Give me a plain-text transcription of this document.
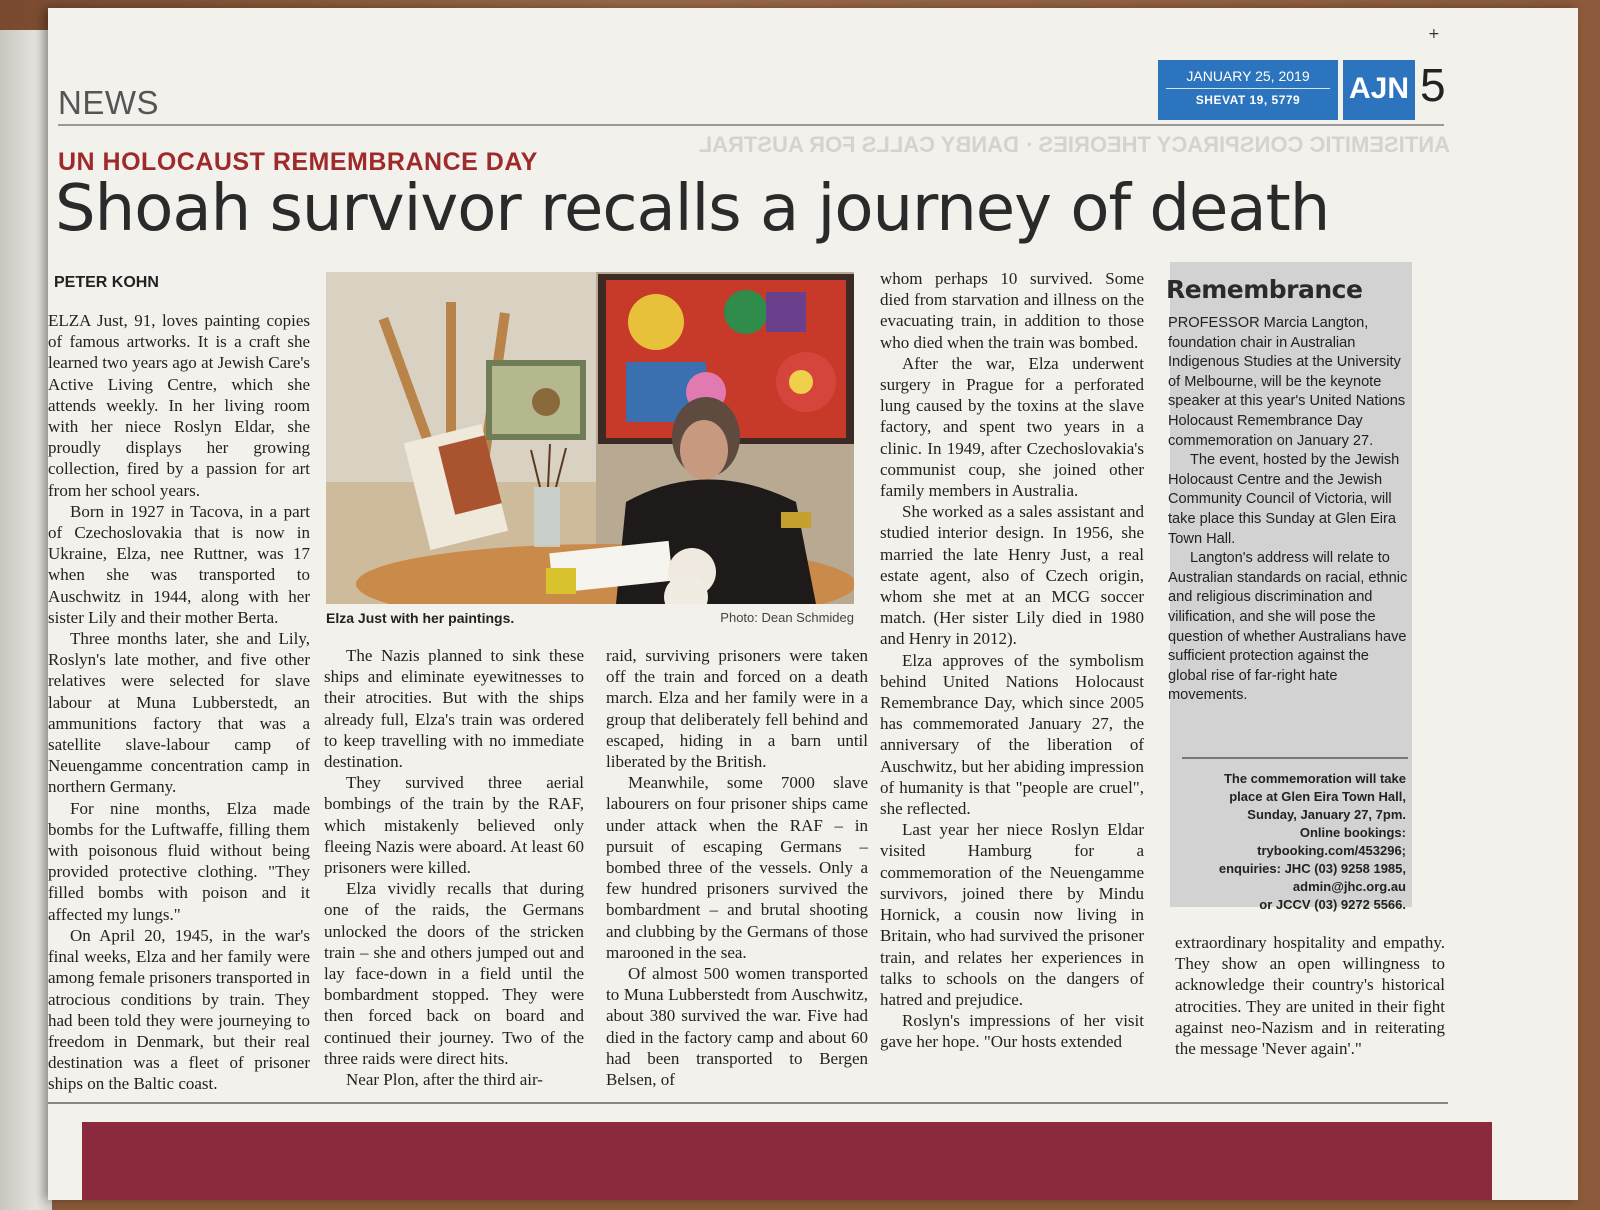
+
NEWS
JANUARY 25, 2019
SHEVAT 19, 5779	AJN 5
ANTISEMITIC CONSPIRACY THEORIES · DANBY CALLS FOR AUSTRAL
UN HOLOCAUST REMEMBRANCE DAY
Shoah survivor recalls a journey of death
PETER KOHN

ELZA Just, 91, loves painting copies of famous artworks. It is a craft she learned two years ago at Jewish Care's Active Living Centre, which she attends weekly. In her living room with her niece Roslyn Eldar, she proudly displays her growing collection, fired by a passion for art from her school years.

Born in 1927 in Tacova, in a part of Czechoslovakia that is now in Ukraine, Elza, nee Ruttner, was 17 when she was transported to Auschwitz in 1944, along with her sister Lily and their mother Berta.

Three months later, she and Lily, Roslyn's late mother, and five other relatives were selected for slave labour at Muna Lubberstedt, an ammunitions factory that was a satellite slave-labour camp of Neuengamme concentration camp in northern Germany.

For nine months, Elza made bombs for the Luftwaffe, filling them with poisonous fluid without being provided protective clothing. "They filled bombs with poison and it affected my lungs."

On April 20, 1945, in the war's final weeks, Elza and her family were among female prisoners transported in atrocious conditions by train. They had been told they were journeying to freedom in Denmark, but their real destination was a fleet of prisoner ships on the Baltic coast.

Elza Just with her paintings.	Photo: Dean Schmideg

The Nazis planned to sink these ships and eliminate eyewitnesses to their atrocities. But with the ships already full, Elza's train was ordered to keep travelling with no immediate destination.

They survived three aerial bombings of the train by the RAF, which mistakenly believed only fleeing Nazis were aboard. At least 60 prisoners were killed.

Elza vividly recalls that during one of the raids, the Germans unlocked the doors of the stricken train – she and others jumped out and lay face-down in a field until the bombardment stopped. They were then forced back on board and continued their journey. Two of the three raids were direct hits.

Near Plon, after the third air-

raid, surviving prisoners were taken off the train and forced on a death march. Elza and her family were in a group that deliberately fell behind and escaped, hiding in a barn until liberated by the British.

Meanwhile, some 7000 slave labourers on four prisoner ships came under attack when the RAF – in pursuit of escaping Germans – bombed three of the vessels. Only a few hundred prisoners survived the bombardment – and brutal shooting and clubbing by the Germans of those marooned in the sea.

Of almost 500 women transported to Muna Lubberstedt from Auschwitz, about 380 survived the war. Five had died in the factory camp and about 60 had been transported to Bergen Belsen, of

whom perhaps 10 survived. Some died from starvation and illness on the evacuating train, in addition to those who died when the train was bombed.

After the war, Elza underwent surgery in Prague for a perforated lung caused by the toxins at the slave factory, and spent two years in a clinic. In 1949, after Czechoslovakia's communist coup, she joined other family members in Australia.

She worked as a sales assistant and studied interior design. In 1956, she married the late Henry Just, a real estate agent, also of Czech origin, whom she met at an MCG soccer match. (Her sister Lily died in 1980 and Henry in 2012).

Elza approves of the symbolism behind United Nations Holocaust Remembrance Day, which since 2005 has commemorated January 27, the anniversary of the liberation of Auschwitz, but her abiding impression of humanity is that "people are cruel", she reflected.

Last year her niece Roslyn Eldar visited Hamburg for a commemoration of the Neuengamme survivors, joined there by Mindu Hornick, a cousin now living in Britain, who had survived the prisoner train, and relates her experiences in talks to schools on the dangers of hatred and prejudice.

Roslyn's impressions of her visit gave her hope. "Our hosts extended

Remembrance

PROFESSOR Marcia Langton, foundation chair in Australian Indigenous Studies at the University of Melbourne, will be the keynote speaker at this year's United Nations Holocaust Remembrance Day commemoration on January 27.

The event, hosted by the Jewish Holocaust Centre and the Jewish Community Council of Victoria, will take place this Sunday at Glen Eira Town Hall.

Langton's address will relate to Australian standards on racial, ethnic and religious discrimination and vilification, and she will pose the question of whether Australians have sufficient protection against the global rise of far-right hate movements.

The commemoration will take
place at Glen Eira Town Hall,
Sunday, January 27, 7pm.
Online bookings:
trybooking.com/453296;
enquiries: JHC (03) 9258 1985,
admin@jhc.org.au
or JCCV (03) 9272 5566.

extraordinary hospitality and empathy. They show an open willingness to acknowledge their country's historical atrocities. They are united in their fight against neo-Nazism and in reiterating the message 'Never again'."
